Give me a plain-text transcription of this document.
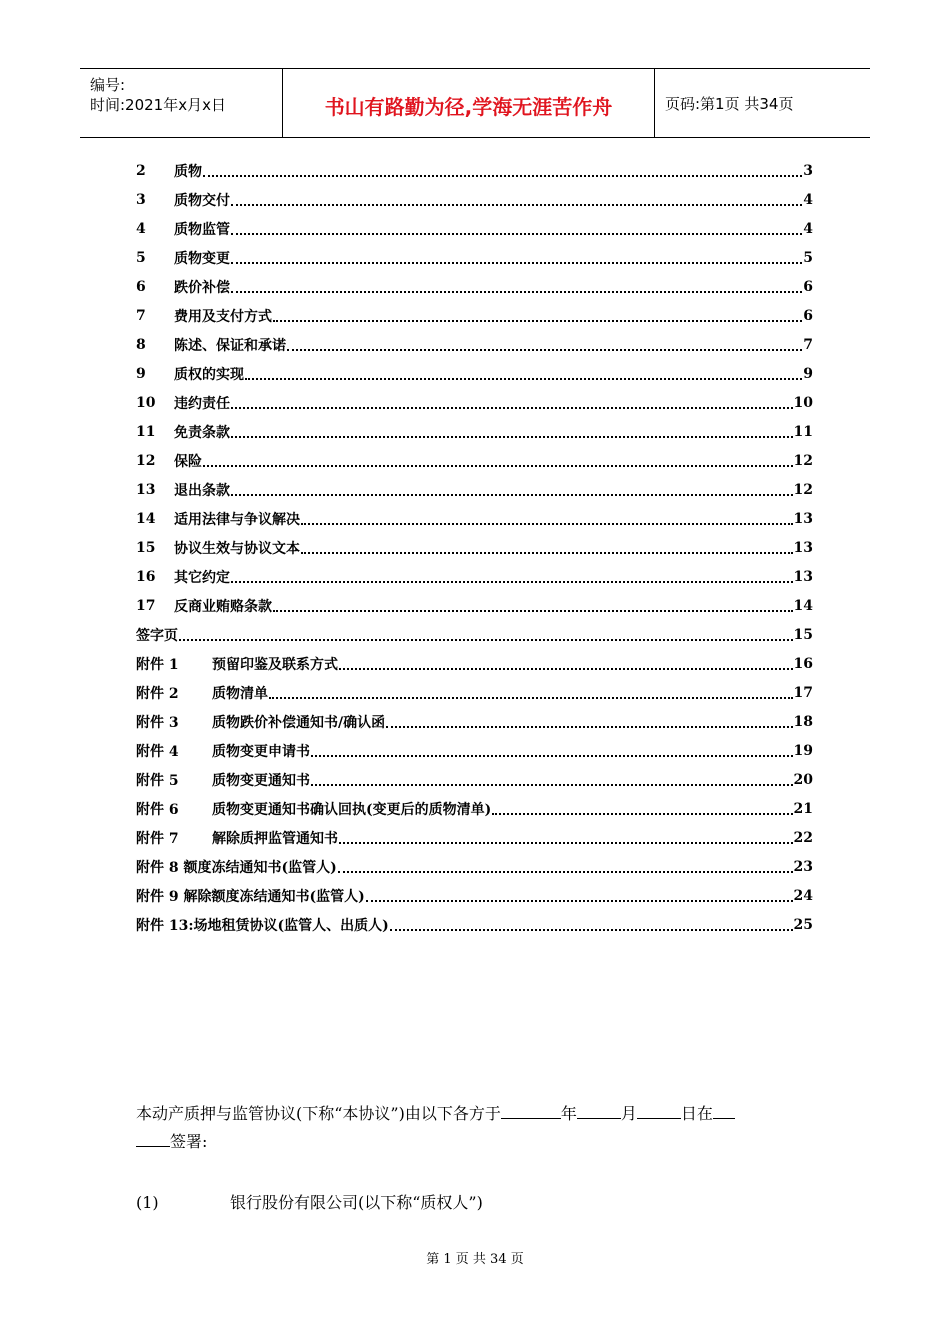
编号:
时间:2021年x月x日	书山有路勤为径,学海无涯苦作舟	页码:第1页 共34页
2	质物	3
3	质物交付	4
4	质物监管	4
5	质物变更	5
6	跌价补偿	6
7	费用及支付方式	6
8	陈述、保证和承诺	7
9	质权的实现	9
10	违约责任	10
11	免责条款	11
12	保险	12
13	退出条款	12
14	适用法律与争议解决	13
15	协议生效与协议文本	13
16	其它约定	13
17	反商业贿赂条款	14
签字页	15
附件 1	预留印鉴及联系方式	16
附件 2	质物清单	17
附件 3	质物跌价补偿通知书/确认函	18
附件 4	质物变更申请书	19
附件 5	质物变更通知书	20
附件 6	质物变更通知书确认回执(变更后的质物清单)	21
附件 7	解除质押监管通知书	22
附件 8 额度冻结通知书(监管人)	23
附件 9 解除额度冻结通知书(监管人)	24
附件 13:场地租赁协议(监管人、出质人)	25
本动产质押与监管协议(下称“本协议”)由以下各方于	年	月	日在
签署:
(1)	银行股份有限公司(以下称“质权人”)
第 1 页 共 34 页
